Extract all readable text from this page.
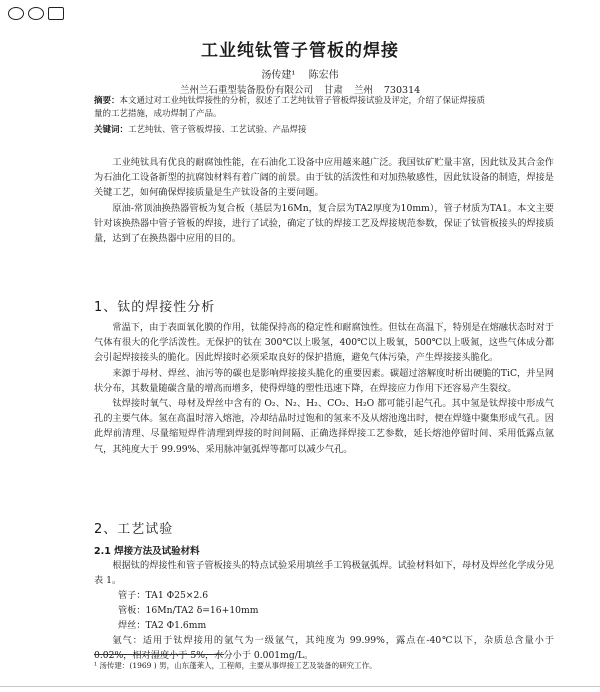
工业纯钛管子管板的焊接
汤传建¹ 陈宏伟
兰州兰石重型装备股份有限公司 甘肃 兰州 730314
摘要：本文通过对工业纯钛焊接性的分析，叙述了工艺纯钛管子管板焊接试验及评定，介绍了保证焊接质
量的工艺措施，成功焊制了产品。
关键词：工艺纯钛、管子管板焊接、工艺试验、产品焊接

工业纯钛具有优良的耐腐蚀性能，在石油化工设备中应用越来越广泛。我国钛矿贮量丰富，因此钛及其合金作为石油化工设备新型的抗腐蚀材料有着广阔的前景。由于钛的活泼性和对加热敏感性，因此钛设备的制造，焊接是关键工艺，如何确保焊接质量是生产钛设备的主要问题。

原油-常顶油换热器管板为复合板（基层为16Mn，复合层为TA2厚度为10mm），管子材质为TA1。本文主要针对该换热器中管子管板的焊接，进行了试验，确定了钛的焊接工艺及焊接规范参数，保证了钛管板接头的焊接质量，达到了在换热器中应用的目的。

1、钛的焊接性分析

常温下，由于表面氧化膜的作用，钛能保持高的稳定性和耐腐蚀性。但钛在高温下，特别是在熔融状态时对于气体有很大的化学活泼性。无保护的钛在 300℃以上吸氢，400℃以上吸氧，500℃以上吸氮，这些气体成分都会引起焊接接头的脆化。因此焊接时必须采取良好的保护措施，避免气体污染，产生焊接接头脆化。

来源于母材、焊丝、油污等的碳也是影响焊接接头脆化的重要因素。碳超过溶解度时析出硬脆的TiC，并呈网状分布，其数量随碳含量的增高而增多，使得焊缝的塑性迅速下降，在焊接应力作用下还容易产生裂纹。

钛焊接时氧气、母材及焊丝中含有的 O₂、N₂、H₂、CO₂、H₂O 都可能引起气孔。其中氢是钛焊接中形成气孔的主要气体。氢在高温时溶入熔池，冷却结晶时过饱和的氢来不及从熔池逸出时，便在焊缝中聚集形成气孔。因此焊前清理、尽量缩短焊件清理到焊接的时间间隔、正确选择焊接工艺参数，延长熔池停留时间、采用低露点氩气，其纯度大于 99.99%、采用脉冲氩弧焊等都可以减少气孔。

2、工艺试验
2.1 焊接方法及试验材料

根据钛的焊接性和管子管板接头的特点试验采用填丝手工钨极氩弧焊。试验材料如下，母材及焊丝化学成分见表 1。

管子：TA1 Φ25×2.6
管板：16Mn/TA2 δ=16+10mm
焊丝：TA2 Φ1.6mm

氩气：适用于钛焊接用的氩气为一级氩气，其纯度为 99.99%，露点在-40℃以下，杂质总含量小于 0.02%，相对湿度小于 5%，水分小于 0.001mg/L。

¹ 汤传建：(1969 ) 男，山东蓬莱人，工程师，主要从事焊接工艺及装备的研究工作。
